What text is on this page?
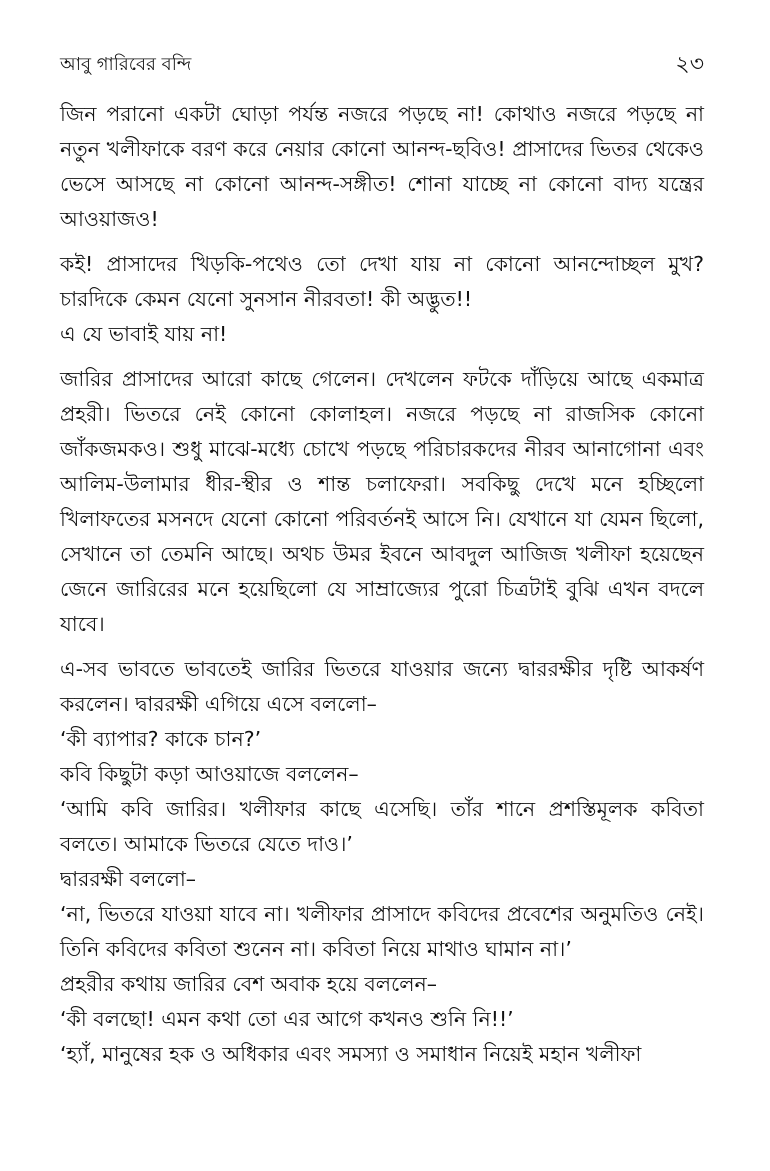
আবু গারিবের বন্দি	২৩

জিন পরানো একটা ঘোড়া পর্যন্ত নজরে পড়ছে না! কোথাও নজরে পড়ছে না নতুন খলীফাকে বরণ করে নেয়ার কোনো আনন্দ-ছবিও! প্রাসাদের ভিতর থেকেও ভেসে আসছে না কোনো আনন্দ-সঙ্গীত! শোনা যাচ্ছে না কোনো বাদ্য যন্ত্রের আওয়াজও!

কই! প্রাসাদের খিড়কি-পথেও তো দেখা যায় না কোনো আনন্দোচ্ছল মুখ? চারদিকে কেমন যেনো সুনসান নীরবতা! কী অদ্ভুত!!

এ যে ভাবাই যায় না!

জারির প্রাসাদের আরো কাছে গেলেন। দেখলেন ফটকে দাঁড়িয়ে আছে একমাত্র প্রহরী। ভিতরে নেই কোনো কোলাহল। নজরে পড়ছে না রাজসিক কোনো জাঁকজমকও। শুধু মাঝে-মধ্যে চোখে পড়ছে পরিচারকদের নীরব আনাগোনা এবং আলিম-উলামার ধীর-স্থীর ও শান্ত চলাফেরা। সবকিছু দেখে মনে হচ্ছিলো খিলাফতের মসনদে যেনো কোনো পরিবর্তনই আসে নি। যেখানে যা যেমন ছিলো, সেখানে তা তেমনি আছে। অথচ উমর ইবনে আবদুল আজিজ খলীফা হয়েছেন জেনে জারিরের মনে হয়েছিলো যে সাম্রাজ্যের পুরো চিত্রটাই বুঝি এখন বদলে যাবে।

এ-সব ভাবতে ভাবতেই জারির ভিতরে যাওয়ার জন্যে দ্বাররক্ষীর দৃষ্টি আকর্ষণ করলেন। দ্বাররক্ষী এগিয়ে এসে বললো–

‘কী ব্যাপার? কাকে চান?’

কবি কিছুটা কড়া আওয়াজে বললেন–

‘আমি কবি জারির। খলীফার কাছে এসেছি। তাঁর শানে প্রশস্তিমূলক কবিতা বলতে। আমাকে ভিতরে যেতে দাও।’

দ্বাররক্ষী বললো–

‘না, ভিতরে যাওয়া যাবে না। খলীফার প্রাসাদে কবিদের প্রবেশের অনুমতিও নেই। তিনি কবিদের কবিতা শুনেন না। কবিতা নিয়ে মাথাও ঘামান না।’

প্রহরীর কথায় জারির বেশ অবাক হয়ে বললেন–

‘কী বলছো! এমন কথা তো এর আগে কখনও শুনি নি!!’

‘হ্যাঁ, মানুষের হক ও অধিকার এবং সমস্যা ও সমাধান নিয়েই মহান খলীফা
